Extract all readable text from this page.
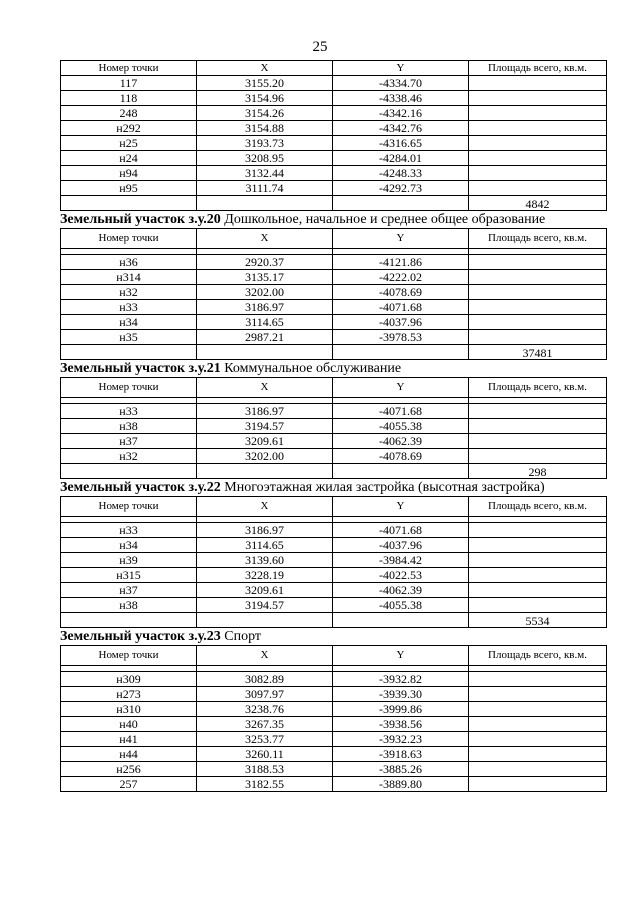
25
Номер точки	X	Y	Площадь всего, кв.м.
117	3155.20	-4334.70	
118	3154.96	-4338.46	
248	3154.26	-4342.16	
н292	3154.88	-4342.76	
н25	3193.73	-4316.65	
н24	3208.95	-4284.01	
н94	3132.44	-4248.33	
н95	3111.74	-4292.73	
			4842
Земельный участок з.у.20 Дошкольное, начальное и среднее общее образование
Номер точки	X	Y	Площадь всего, кв.м.

н36	2920.37	-4121.86	
н314	3135.17	-4222.02	
н32	3202.00	-4078.69	
н33	3186.97	-4071.68	
н34	3114.65	-4037.96	
н35	2987.21	-3978.53	
			37481
Земельный участок з.у.21 Коммунальное обслуживание
Номер точки	X	Y	Площадь всего, кв.м.

н33	3186.97	-4071.68	
н38	3194.57	-4055.38	
н37	3209.61	-4062.39	
н32	3202.00	-4078.69	
			298
Земельный участок з.у.22 Многоэтажная жилая застройка (высотная застройка)
Номер точки	X	Y	Площадь всего, кв.м.

н33	3186.97	-4071.68	
н34	3114.65	-4037.96	
н39	3139.60	-3984.42	
н315	3228.19	-4022.53	
н37	3209.61	-4062.39	
н38	3194.57	-4055.38	
			5534
Земельный участок з.у.23 Спорт
Номер точки	X	Y	Площадь всего, кв.м.

н309	3082.89	-3932.82	
н273	3097.97	-3939.30	
н310	3238.76	-3999.86	
н40	3267.35	-3938.56	
н41	3253.77	-3932.23	
н44	3260.11	-3918.63	
н256	3188.53	-3885.26	
257	3182.55	-3889.80	
